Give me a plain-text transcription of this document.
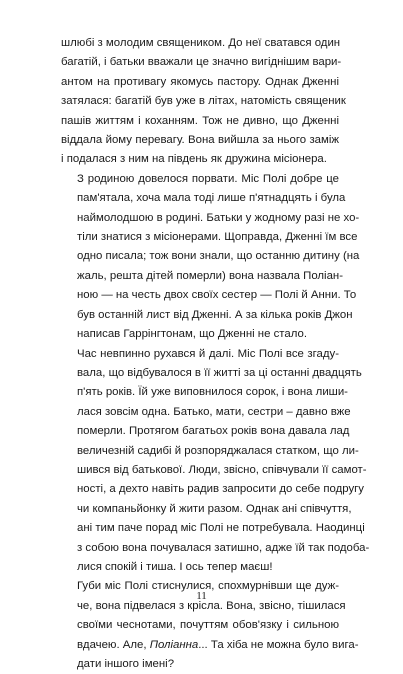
шлюбі з молодим священиком. До неї сватався один
багатій, і батьки вважали це значно вигіднішим вари-
антом на противагу якомусь пастору. Однак Дженні
затялася: багатій був уже в літах, натомість священик
пашів життям і коханням. Тож не дивно, що Дженні
віддала йому перевагу. Вона вийшла за нього заміж
і подалася з ним на південь як дружина місіонера.
З родиною довелося порвати. Міс Полі добре це
пам'ятала, хоча мала тоді лише п'ятнадцять і була
наймолодшою в родині. Батьки у жодному разі не хо-
тіли знатися з місіонерами. Щоправда, Дженні їм все
одно писала; тож вони знали, що останню дитину (на
жаль, решта дітей померли) вона назвала Поліан-
ною — на честь двох своїх сестер — Полі й Анни. То
був останній лист від Дженні. А за кілька років Джон
написав Гаррінгтонам, що Дженні не стало.
Час невпинно рухався й далі. Міс Полі все згаду-
вала, що відбувалося в її житті за ці останні двадцять
п'ять років. Їй уже виповнилося сорок, і вона лиши-
лася зовсім одна. Батько, мати, сестри – давно вже
померли. Протягом багатьох років вона давала лад
величезній садибі й розпоряджалася статком, що ли-
шився від батькової. Люди, звісно, співчували її самот-
ності, а дехто навіть радив запросити до себе подругу
чи компаньйонку й жити разом. Однак ані співчуття,
ані тим паче порад міс Полі не потребувала. Наодинці
з собою вона почувалася затишно, адже їй так подоба-
лися спокій і тиша. І ось тепер маєш!
Губи міс Полі стиснулися, спохмурнівши ще дуж-
че, вона підвелася з крісла. Вона, звісно, тішилася
своїми чеснотами, почуттям обов'язку і сильною
вдачею. Але, Поліанна... Та хіба не можна було вига-
дати іншого імені?
11
